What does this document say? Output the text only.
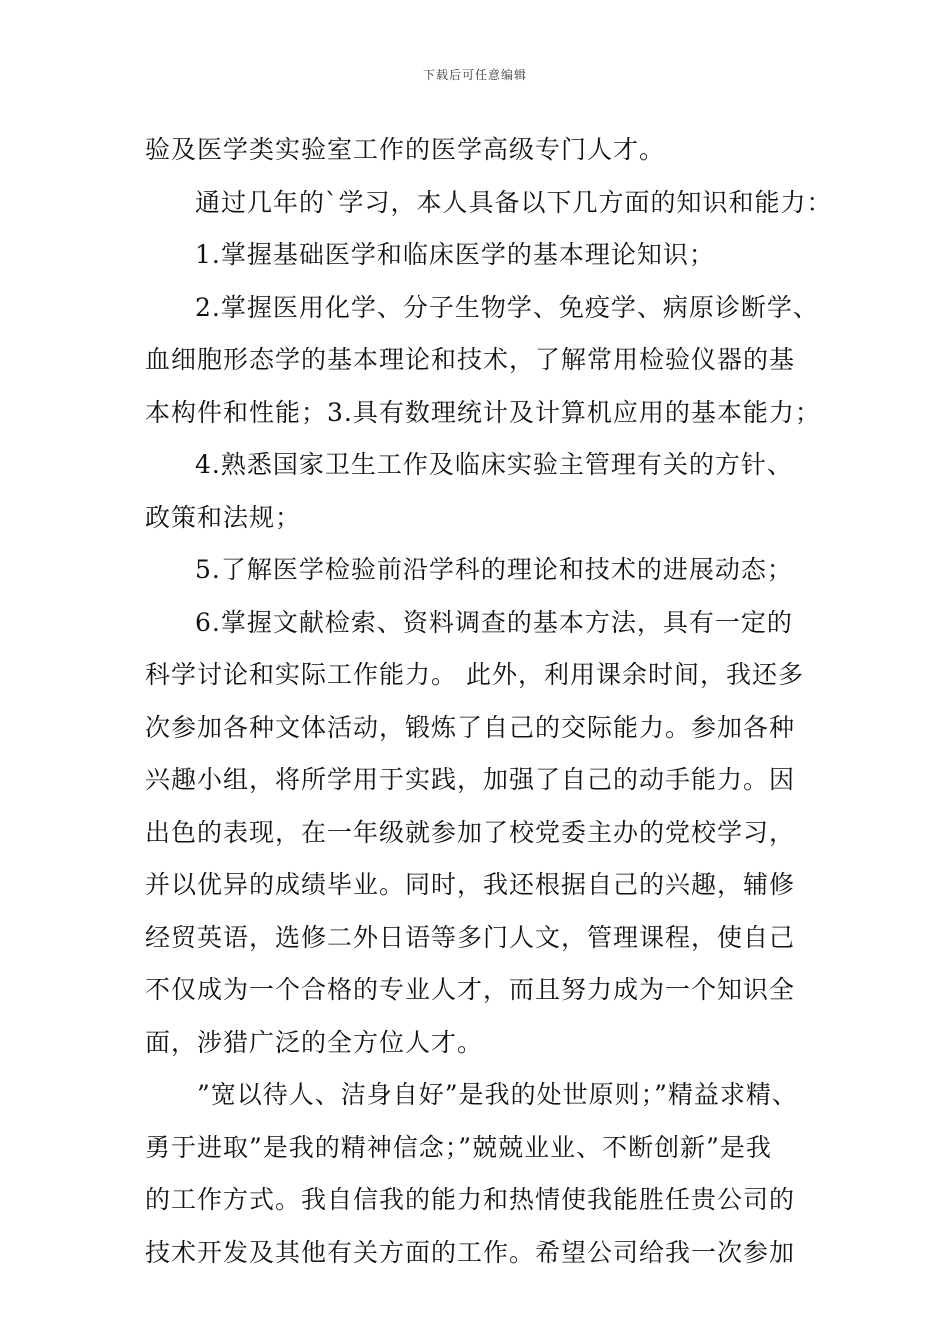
下载后可任意编辑
验及医学类实验室工作的医学高级专门人才。
通过几年的`学习，本人具备以下几方面的知识和能力：
1.掌握基础医学和临床医学的基本理论知识；
2.掌握医用化学、分子生物学、免疫学、病原诊断学、
血细胞形态学的基本理论和技术，了解常用检验仪器的基
本构件和性能；3.具有数理统计及计算机应用的基本能力；
4.熟悉国家卫生工作及临床实验主管理有关的方针、
政策和法规；
5.了解医学检验前沿学科的理论和技术的进展动态；
6.掌握文献检索、资料调查的基本方法，具有一定的
科学讨论和实际工作能力。 此外，利用课余时间，我还多
次参加各种文体活动，锻炼了自己的交际能力。参加各种
兴趣小组，将所学用于实践，加强了自己的动手能力。因
出色的表现，在一年级就参加了校党委主办的党校学习，
并以优异的成绩毕业。同时，我还根据自己的兴趣，辅修
经贸英语，选修二外日语等多门人文，管理课程，使自己
不仅成为一个合格的专业人才，而且努力成为一个知识全
面，涉猎广泛的全方位人才。
”宽以待人、洁身自好”是我的处世原则；”精益求精、
勇于进取”是我的精神信念；”兢兢业业、不断创新”是我
的工作方式。我自信我的能力和热情使我能胜任贵公司的
技术开发及其他有关方面的工作。希望公司给我一次参加
